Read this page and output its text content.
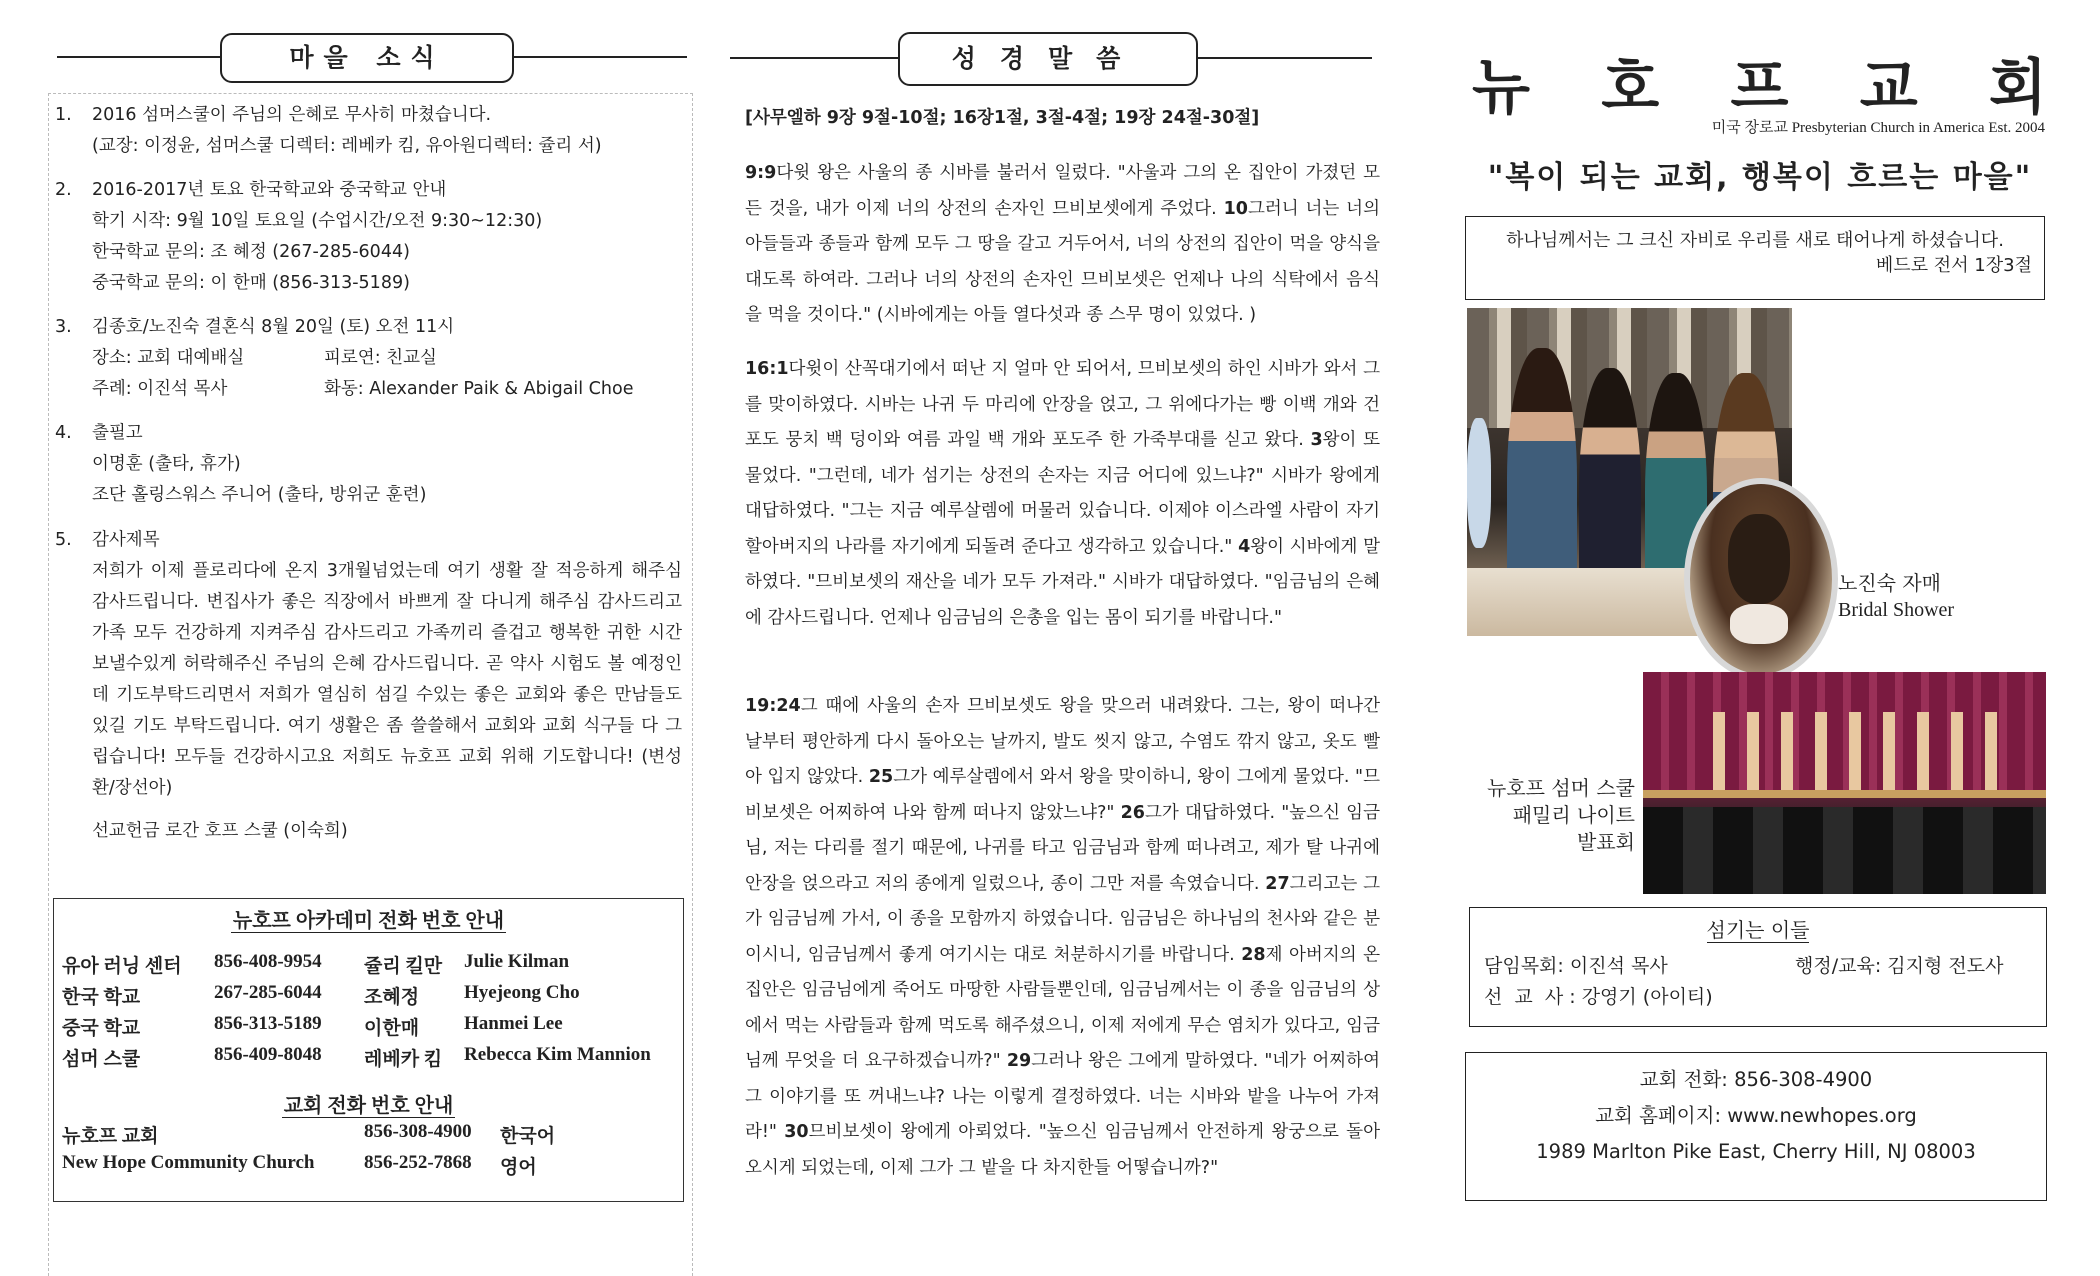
마을 소식
1.	2016 섬머스쿨이 주님의 은혜로 무사히 마쳤습니다.
(교장: 이정윤, 섬머스쿨 디렉터: 레베카 킴, 유아원디렉터: 쥴리 서)
2.	2016-2017년 토요 한국학교와 중국학교 안내
학기 시작: 9월 10일 토요일 (수업시간/오전 9:30~12:30)
한국학교 문의: 조 혜정 (267-285-6044)
중국학교 문의: 이 한매 (856-313-5189)
3.	김종호/노진숙 결혼식 8월 20일 (토) 오전 11시
장소: 교회 대예배실	피로연: 친교실
주례: 이진석 목사	화동: Alexander Paik & Abigail Choe
4.	출필고
이명훈 (출타, 휴가)
조단 홀링스워스 주니어 (출타, 방위군 훈련)
5.	감사제목
저희가 이제 플로리다에 온지 3개월넘었는데 여기 생활 잘 적응하게 해주심 감사드립니다. 변집사가 좋은 직장에서 바쁘게 잘 다니게 해주심 감사드리고 가족 모두 건강하게 지켜주심 감사드리고 가족끼리 즐겁고 행복한 귀한 시간 보낼수있게 허락해주신 주님의 은혜 감사드립니다. 곧 약사 시험도 볼 예정인데 기도부탁드리면서 저희가 열심히 섬길 수있는 좋은 교회와 좋은 만남들도 있길 기도 부탁드립니다. 여기 생활은 좀 쓸쓸해서 교회와 교회 식구들 다 그립습니다! 모두들 건강하시고요 저희도 뉴호프 교회 위해 기도합니다! (변성환/장선아)
선교헌금 로간 호프 스쿨 (이숙희)
뉴호프 아카데미 전화 번호 안내
유아 러닝 센터 856-408-9954 쥴리 킬만 Julie Kilman
한국 학교	267-285-6044 조혜정 Hyejeong Cho
중국 학교	856-313-5189 이한매 Hanmei Lee
섬머 스쿨	856-409-8048 레베카 킴 Rebecca Kim Mannion
교회 전화 번호 안내
뉴호프 교회	856-308-4900 한국어
New Hope Community Church	856-252-7868 영어
성경말씀
[사무엘하 9장 9절-10절; 16장1절, 3절-4절; 19장 24절-30절]
9:9다윗 왕은 사울의 종 시바를 불러서 일렀다. "사울과 그의 온 집안이 가졌던 모든 것을, 내가 이제 너의 상전의 손자인 므비보셋에게 주었다. 10그러니 너는 너의 아들들과 종들과 함께 모두 그 땅을 갈고 거두어서, 너의 상전의 집안이 먹을 양식을 대도록 하여라. 그러나 너의 상전의 손자인 므비보셋은 언제나 나의 식탁에서 음식을 먹을 것이다." (시바에게는 아들 열다섯과 종 스무 명이 있었다. )
16:1다윗이 산꼭대기에서 떠난 지 얼마 안 되어서, 므비보셋의 하인 시바가 와서 그를 맞이하였다. 시바는 나귀 두 마리에 안장을 얹고, 그 위에다가는 빵 이백 개와 건포도 뭉치 백 덩이와 여름 과일 백 개와 포도주 한 가죽부대를 싣고 왔다. 3왕이 또 물었다. "그런데, 네가 섬기는 상전의 손자는 지금 어디에 있느냐?" 시바가 왕에게 대답하였다. "그는 지금 예루살렘에 머물러 있습니다. 이제야 이스라엘 사람이 자기 할아버지의 나라를 자기에게 되돌려 준다고 생각하고 있습니다." 4왕이 시바에게 말하였다. "므비보셋의 재산을 네가 모두 가져라." 시바가 대답하였다. "임금님의 은혜에 감사드립니다. 언제나 임금님의 은총을 입는 몸이 되기를 바랍니다."
19:24그 때에 사울의 손자 므비보셋도 왕을 맞으러 내려왔다. 그는, 왕이 떠나간 날부터 평안하게 다시 돌아오는 날까지, 발도 씻지 않고, 수염도 깎지 않고, 옷도 빨아 입지 않았다. 25그가 예루살렘에서 와서 왕을 맞이하니, 왕이 그에게 물었다. "므비보셋은 어찌하여 나와 함께 떠나지 않았느냐?" 26그가 대답하였다. "높으신 임금님, 저는 다리를 절기 때문에, 나귀를 타고 임금님과 함께 떠나려고, 제가 탈 나귀에 안장을 얹으라고 저의 종에게 일렀으나, 종이 그만 저를 속였습니다. 27그리고는 그가 임금님께 가서, 이 종을 모함까지 하였습니다. 임금님은 하나님의 천사와 같은 분이시니, 임금님께서 좋게 여기시는 대로 처분하시기를 바랍니다. 28제 아버지의 온 집안은 임금님에게 죽어도 마땅한 사람들뿐인데, 임금님께서는 이 종을 임금님의 상에서 먹는 사람들과 함께 먹도록 해주셨으니, 이제 저에게 무슨 염치가 있다고, 임금님께 무엇을 더 요구하겠습니까?" 29그러나 왕은 그에게 말하였다. "네가 어찌하여 그 이야기를 또 꺼내느냐? 나는 이렇게 결정하였다. 너는 시바와 밭을 나누어 가져라!" 30므비보셋이 왕에게 아뢰었다. "높으신 임금님께서 안전하게 왕궁으로 돌아오시게 되었는데, 이제 그가 그 밭을 다 차지한들 어떻습니까?"
뉴 호 프 교 회
미국 장로교 Presbyterian Church in America Est. 2004
"복이 되는 교회, 행복이 흐르는 마을"
하나님께서는 그 크신 자비로 우리를 새로 태어나게 하셨습니다.
베드로 전서 1장3절
노진숙 자매
Bridal Shower
뉴호프 섬머 스쿨
패밀리 나이트
발표회
섬기는 이들
담임목회: 이진석 목사	행정/교육: 김지형 전도사
선  교  사 : 강영기 (아이티)
교회 전화: 856-308-4900
교회 홈페이지: www.newhopes.org
1989 Marlton Pike East, Cherry Hill, NJ 08003
